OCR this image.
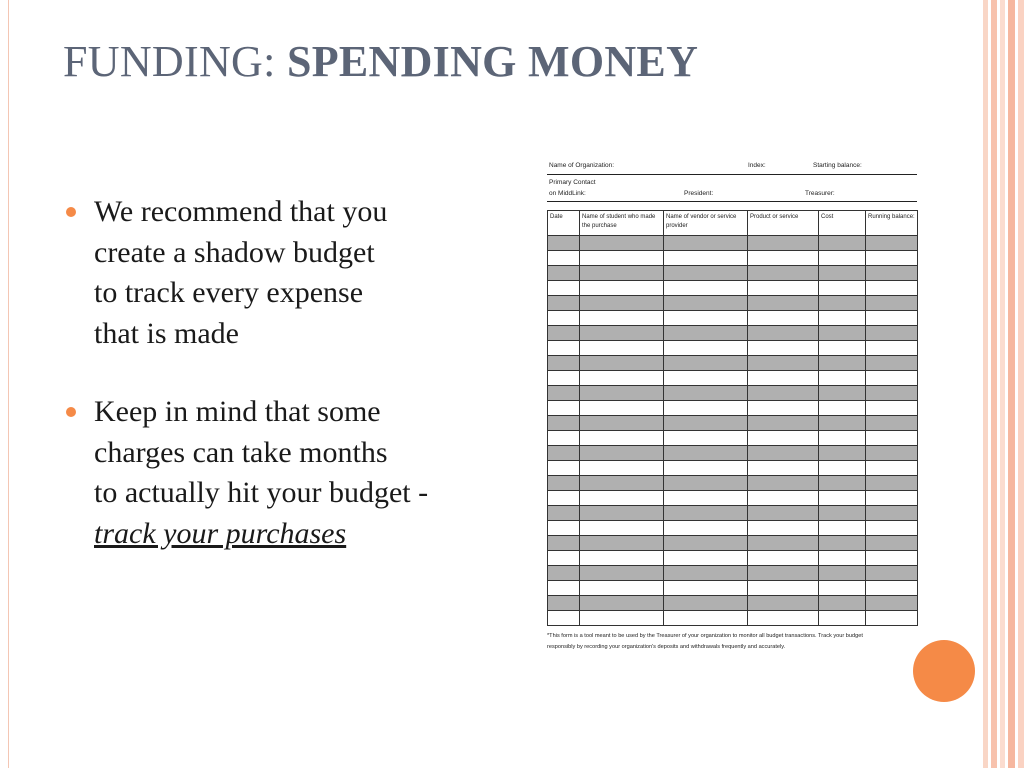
FUNDING: SPENDING MONEY
We recommend that you
create a shadow budget
to track every expense
that is made
Keep in mind that some
charges can take months
to actually hit your budget -
track your purchases
Name of Organization:	Index:	Starting balance:
Primary Contact
on MiddLink:	President:	Treasurer:
Date	Name of student who made the purchase	Name of vendor or service provider	Product or service	Cost	Running balance:

*This form is a tool meant to be used by the Treasurer of your organization to monitor all budget transactions. Track your budget
responsibly by recording your organization's deposits and withdrawals frequently and accurately.
